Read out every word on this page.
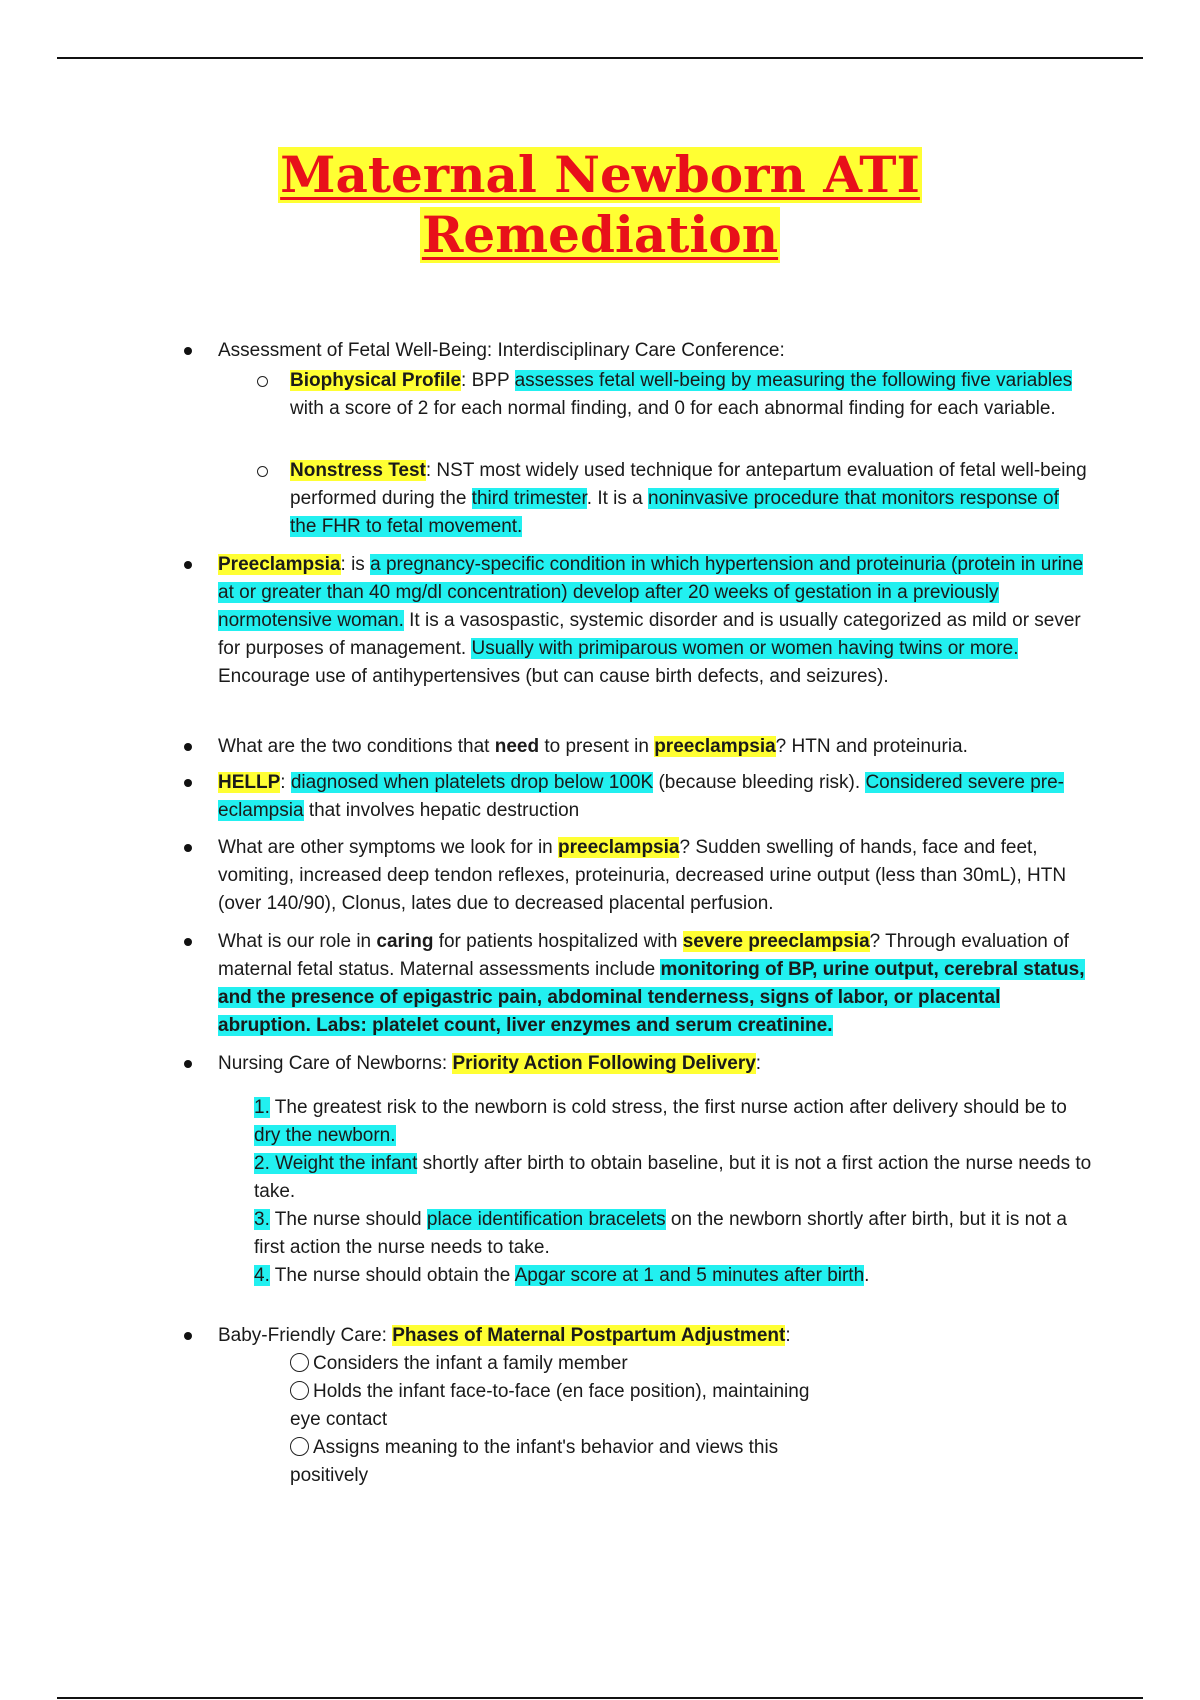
Maternal Newborn ATI
Remediation
Assessment of Fetal Well-Being: Interdisciplinary Care Conference:
Biophysical Profile: BPP assesses fetal well-being by measuring the following five variables with a score of 2 for each normal finding, and 0 for each abnormal finding for each variable.
Nonstress Test: NST most widely used technique for antepartum evaluation of fetal well-being performed during the third trimester. It is a noninvasive procedure that monitors response of the FHR to fetal movement.
Preeclampsia: is a pregnancy-specific condition in which hypertension and proteinuria (protein in urine at or greater than 40 mg/dl concentration) develop after 20 weeks of gestation in a previously normotensive woman. It is a vasospastic, systemic disorder and is usually categorized as mild or sever for purposes of management. Usually with primiparous women or women having twins or more. Encourage use of antihypertensives (but can cause birth defects, and seizures).
What are the two conditions that need to present in preeclampsia? HTN and proteinuria.
HELLP: diagnosed when platelets drop below 100K (because bleeding risk). Considered severe pre-eclampsia that involves hepatic destruction
What are other symptoms we look for in preeclampsia? Sudden swelling of hands, face and feet, vomiting, increased deep tendon reflexes, proteinuria, decreased urine output (less than 30mL), HTN (over 140/90), Clonus, lates due to decreased placental perfusion.
What is our role in caring for patients hospitalized with severe preeclampsia? Through evaluation of maternal fetal status. Maternal assessments include monitoring of BP, urine output, cerebral status, and the presence of epigastric pain, abdominal tenderness, signs of labor, or placental abruption. Labs: platelet count, liver enzymes and serum creatinine.
Nursing Care of Newborns: Priority Action Following Delivery:
1. The greatest risk to the newborn is cold stress, the first nurse action after delivery should be to dry the newborn.
2. Weight the infant shortly after birth to obtain baseline, but it is not a first action the nurse needs to take.
3. The nurse should place identification bracelets on the newborn shortly after birth, but it is not a first action the nurse needs to take.
4. The nurse should obtain the Apgar score at 1 and 5 minutes after birth.
Baby-Friendly Care: Phases of Maternal Postpartum Adjustment:
Considers the infant a family member
Holds the infant face-to-face (en face position), maintaining eye contact
Assigns meaning to the infant's behavior and views this positively
